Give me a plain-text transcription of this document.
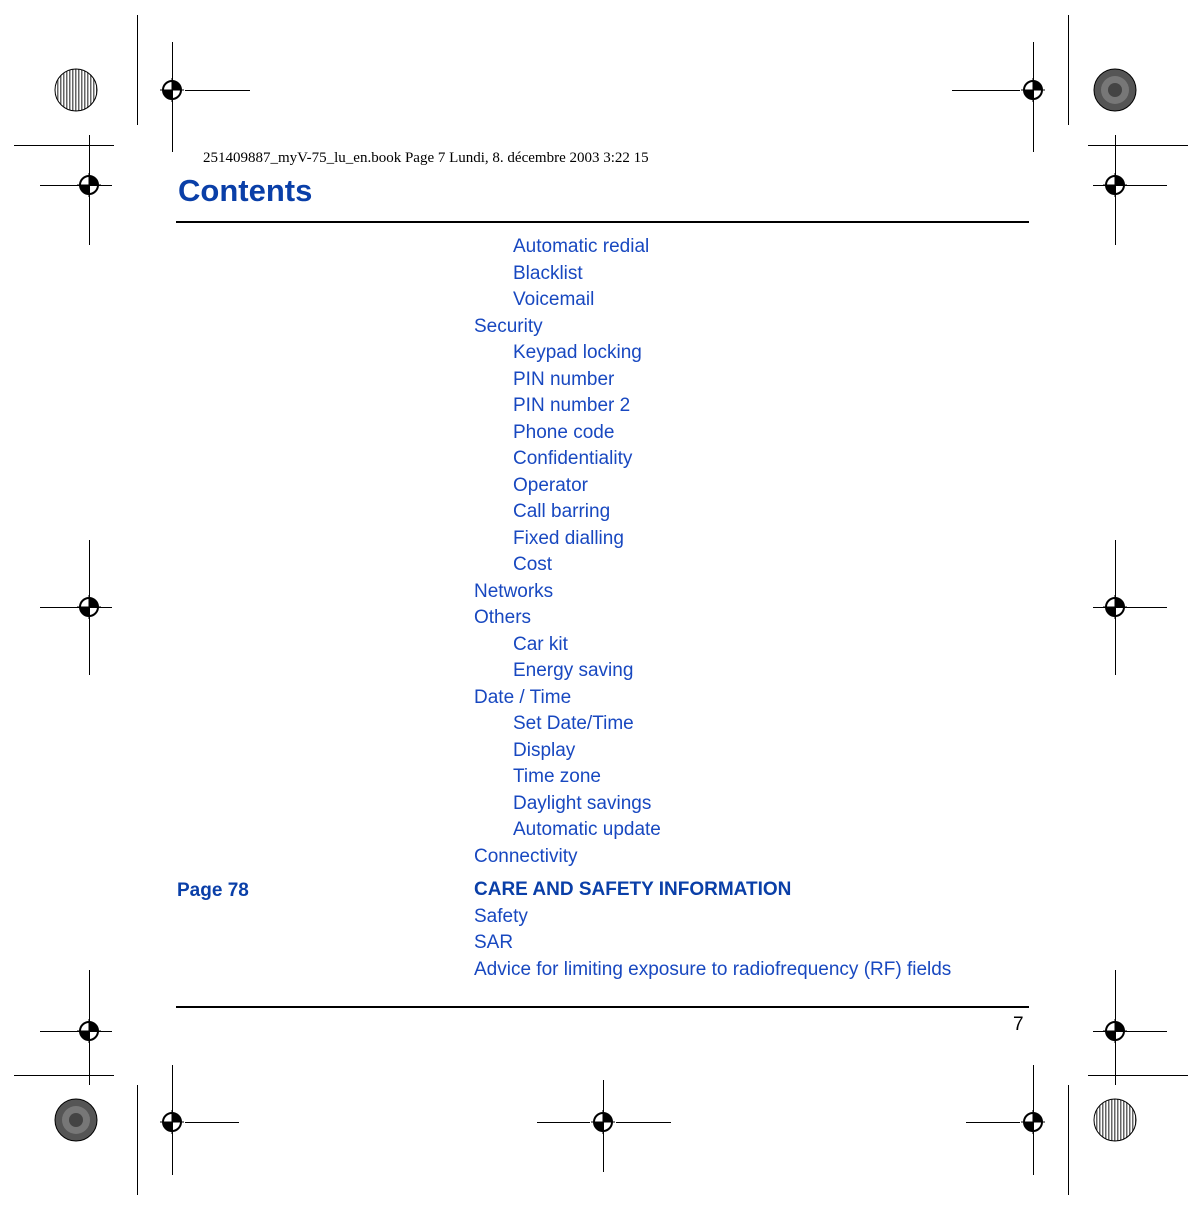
251409887_myV-75_lu_en.book Page 7 Lundi, 8. décembre 2003 3:22 15
Contents
Automatic redial
Blacklist
Voicemail
Security
Keypad locking
PIN number
PIN number 2
Phone code
Confidentiality
Operator
Call barring
Fixed dialling
Cost
Networks
Others
Car kit
Energy saving
Date / Time
Set Date/Time
Display
Time zone
Daylight savings
Automatic update
Connectivity
CARE AND SAFETY INFORMATION
Safety
SAR
Advice for limiting exposure to radiofrequency (RF) fields
Page 78
7
